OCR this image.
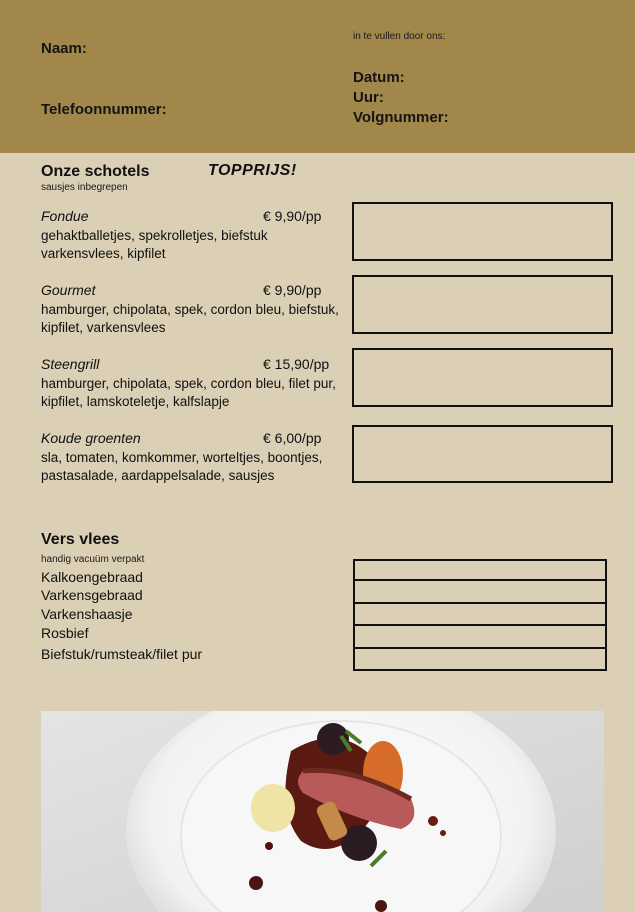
Naam:
Telefoonnummer:
in te vullen door ons:
Datum:
Uur:
Volgnummer:
Onze schotels
sausjes inbegrepen
TOPPRIJS!
Fondue	€ 9,90/pp
gehaktballetjes, spekrolletjes, biefstuk
varkensvlees, kipfilet
Gourmet	€ 9,90/pp
hamburger, chipolata, spek, cordon bleu, biefstuk,
kipfilet, varkensvlees
Steengrill	€ 15,90/pp
hamburger, chipolata, spek, cordon bleu, filet pur,
kipfilet, lamskoteletje, kalfslapje
Koude groenten	€ 6,00/pp
sla, tomaten, komkommer, worteltjes, boontjes,
pastasalade, aardappelsalade, sausjes
Vers vlees
handig vacuüm verpakt
Kalkoengebraad
Varkensgebraad
Varkenshaasje
Rosbief
Biefstuk/rumsteak/filet pur
